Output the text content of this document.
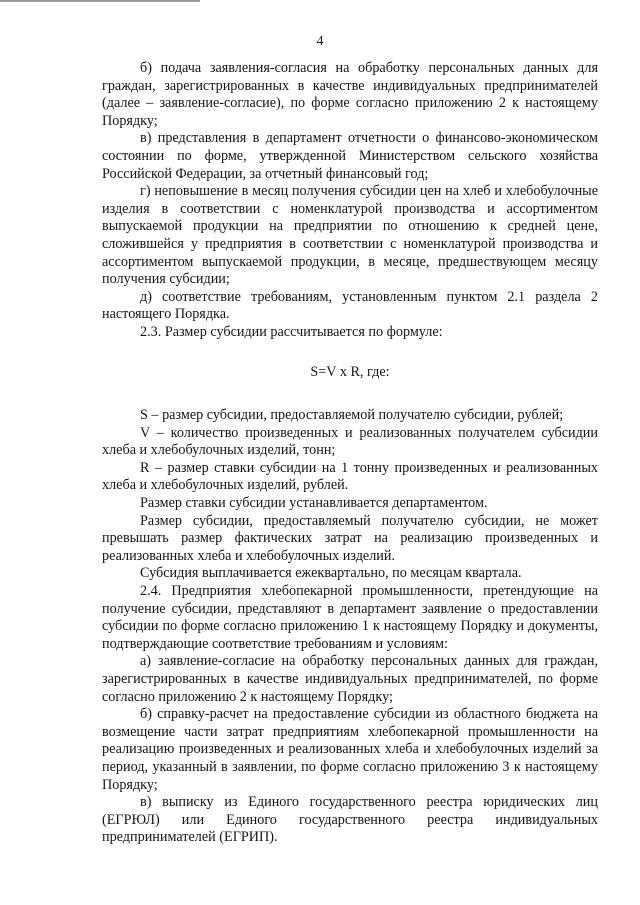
4

б) подача заявления-согласия на обработку персональных данных для граждан, зарегистрированных в качестве индивидуальных предпринимателей (далее – заявление-согласие), по форме согласно приложению 2 к настоящему Порядку;

в) представления в департамент отчетности о финансово-экономическом состоянии по форме, утвержденной Министерством сельского хозяйства Российской Федерации, за отчетный финансовый год;

г) неповышение в месяц получения субсидии цен на хлеб и хлебобулочные изделия в соответствии с номенклатурой производства и ассортиментом выпускаемой продукции на предприятии по отношению к средней цене, сложившейся у предприятия в соответствии с номенклатурой производства и ассортиментом выпускаемой продукции, в месяце, предшествующем месяцу получения субсидии;

д) соответствие требованиям, установленным пунктом 2.1 раздела 2 настоящего Порядка.

2.3. Размер субсидии рассчитывается по формуле:

S=V x R, где:

S – размер субсидии, предоставляемой получателю субсидии, рублей;

V – количество произведенных и реализованных получателем субсидии хлеба и хлебобулочных изделий, тонн;

R – размер ставки субсидии на 1 тонну произведенных и реализованных хлеба и хлебобулочных изделий, рублей.

Размер ставки субсидии устанавливается департаментом.

Размер субсидии, предоставляемый получателю субсидии, не может превышать размер фактических затрат на реализацию произведенных и реализованных хлеба и хлебобулочных изделий.

Субсидия выплачивается ежеквартально, по месяцам квартала.

2.4. Предприятия хлебопекарной промышленности, претендующие на получение субсидии, представляют в департамент заявление о предоставлении субсидии по форме согласно приложению 1 к настоящему Порядку и документы, подтверждающие соответствие требованиям и условиям:

а) заявление-согласие на обработку персональных данных для граждан, зарегистрированных в качестве индивидуальных предпринимателей, по форме согласно приложению 2 к настоящему Порядку;

б) справку-расчет на предоставление субсидии из областного бюджета на возмещение части затрат предприятиям хлебопекарной промышленности на реализацию произведенных и реализованных хлеба и хлебобулочных изделий за период, указанный в заявлении, по форме согласно приложению 3 к настоящему Порядку;

в) выписку из Единого государственного реестра юридических лиц (ЕГРЮЛ) или Единого государственного реестра индивидуальных предпринимателей (ЕГРИП).
